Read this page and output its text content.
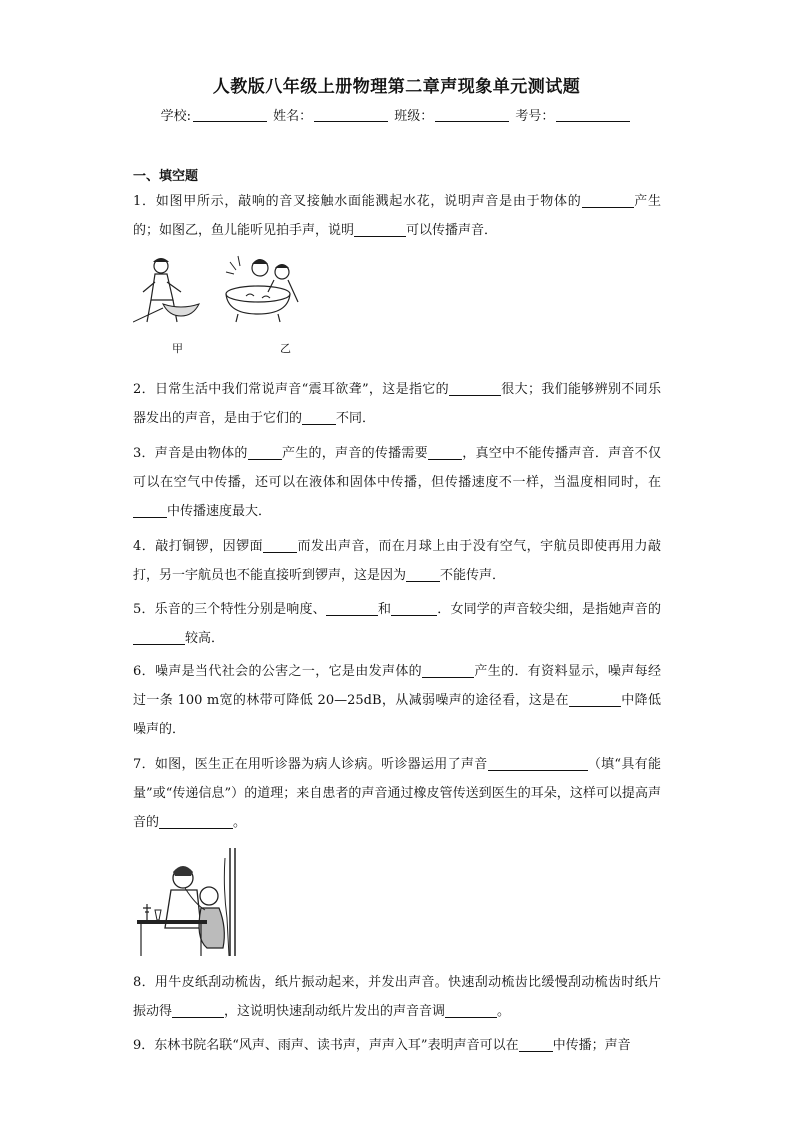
人教版八年级上册物理第二章声现象单元测试题
学校:	姓名：	班级：	考号：
一、填空题
1．如图甲所示，敲响的音叉接触水面能溅起水花，说明声音是由于物体的	产生的；如图乙，鱼儿能听见拍手声，说明	可以传播声音．
甲	乙
2．日常生活中我们常说声音“震耳欲聋”，这是指它的	很大；我们能够辨别不同乐器发出的声音，是由于它们的	不同．
3．声音是由物体的	产生的，声音的传播需要	，真空中不能传播声音．声音不仅可以在空气中传播，还可以在液体和固体中传播，但传播速度不一样，当温度相同时，在中传播速度最大．
4．敲打铜锣，因锣面	而发出声音，而在月球上由于没有空气，宇航员即使再用力敲打，另一宇航员也不能直接听到锣声，这是因为	不能传声．
5．乐音的三个特性分别是响度、	和	．女同学的声音较尖细，是指她声音的较高．
6．噪声是当代社会的公害之一，它是由发声体的	产生的．有资料显示，噪声每经过一条 100 m宽的林带可降低 20—25dB，从减弱噪声的途径看，这是在	中降低噪声的．
7．如图，医生正在用听诊器为病人诊病。听诊器运用了声音	（填“具有能量”或“传递信息”）的道理；来自患者的声音通过橡皮管传送到医生的耳朵，这样可以提高声音的	。
8．用牛皮纸刮动梳齿，纸片振动起来，并发出声音。快速刮动梳齿比缓慢刮动梳齿时纸片振动得	，这说明快速刮动纸片发出的声音音调	。
9．东林书院名联“风声、雨声、读书声，声声入耳”表明声音可以在	中传播；声音
